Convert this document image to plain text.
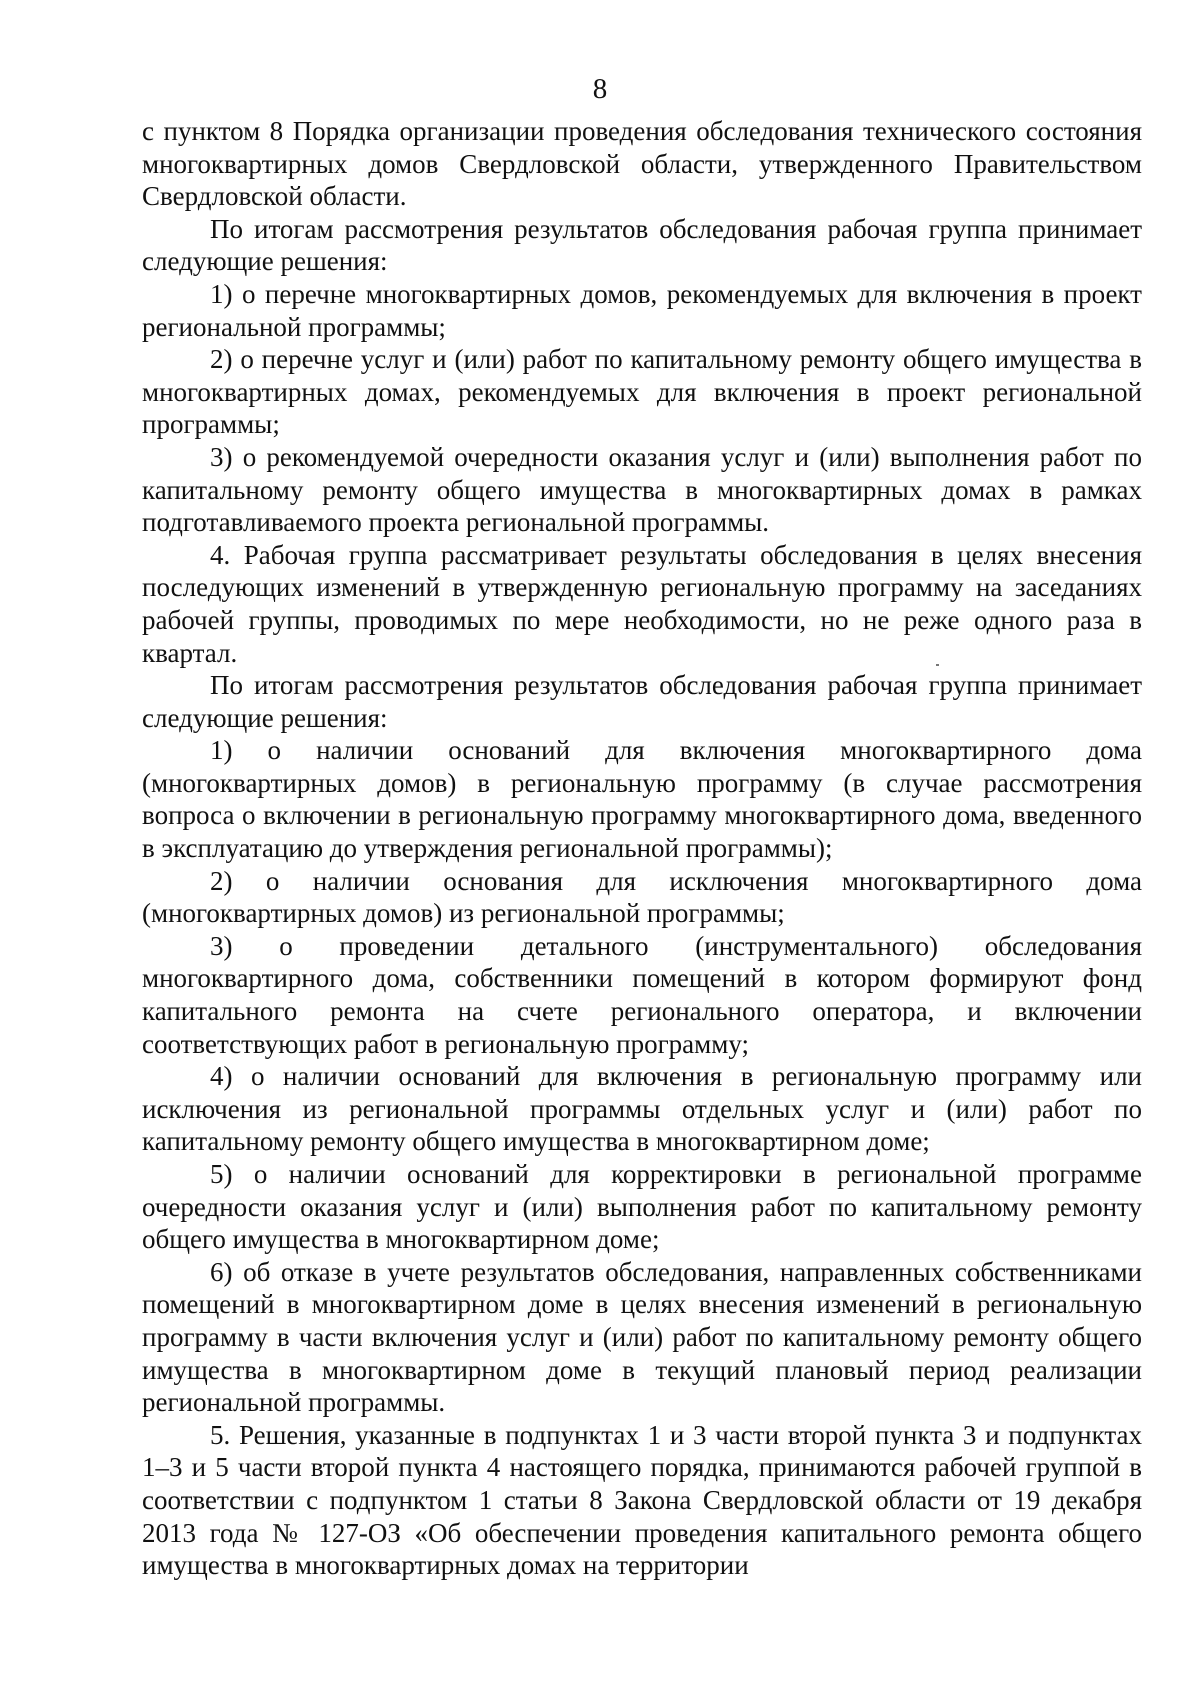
8

с пунктом 8 Порядка организации проведения обследования технического состояния многоквартирных домов Свердловской области, утвержденного Правительством Свердловской области.

По итогам рассмотрения результатов обследования рабочая группа принимает следующие решения:

1) о перечне многоквартирных домов, рекомендуемых для включения в проект региональной программы;

2) о перечне услуг и (или) работ по капитальному ремонту общего имущества в многоквартирных домах, рекомендуемых для включения в проект региональной программы;

3) о рекомендуемой очередности оказания услуг и (или) выполнения работ по капитальному ремонту общего имущества в многоквартирных домах в рамках подготавливаемого проекта региональной программы.

4. Рабочая группа рассматривает результаты обследования в целях внесения последующих изменений в утвержденную региональную программу на заседаниях рабочей группы, проводимых по мере необходимости, но не реже одного раза в квартал.

По итогам рассмотрения результатов обследования рабочая группа принимает следующие решения:

1) о наличии оснований для включения многоквартирного дома (многоквартирных домов) в региональную программу (в случае рассмотрения вопроса о включении в региональную программу многоквартирного дома, введенного в эксплуатацию до утверждения региональной программы);

2) о наличии основания для исключения многоквартирного дома (многоквартирных домов) из региональной программы;

3) о проведении детального (инструментального) обследования многоквартирного дома, собственники помещений в котором формируют фонд капитального ремонта на счете регионального оператора, и включении соответствующих работ в региональную программу;

4) о наличии оснований для включения в региональную программу или исключения из региональной программы отдельных услуг и (или) работ по капитальному ремонту общего имущества в многоквартирном доме;

5) о наличии оснований для корректировки в региональной программе очередности оказания услуг и (или) выполнения работ по капитальному ремонту общего имущества в многоквартирном доме;

6) об отказе в учете результатов обследования, направленных собственниками помещений в многоквартирном доме в целях внесения изменений в региональную программу в части включения услуг и (или) работ по капитальному ремонту общего имущества в многоквартирном доме в текущий плановый период реализации региональной программы.

5. Решения, указанные в подпунктах 1 и 3 части второй пункта 3 и подпунктах 1–3 и 5 части второй пункта 4 настоящего порядка, принимаются рабочей группой в соответствии с подпунктом 1 статьи 8 Закона Свердловской области от 19 декабря 2013 года № 127-ОЗ «Об обеспечении проведения капитального ремонта общего имущества в многоквартирных домах на территории
